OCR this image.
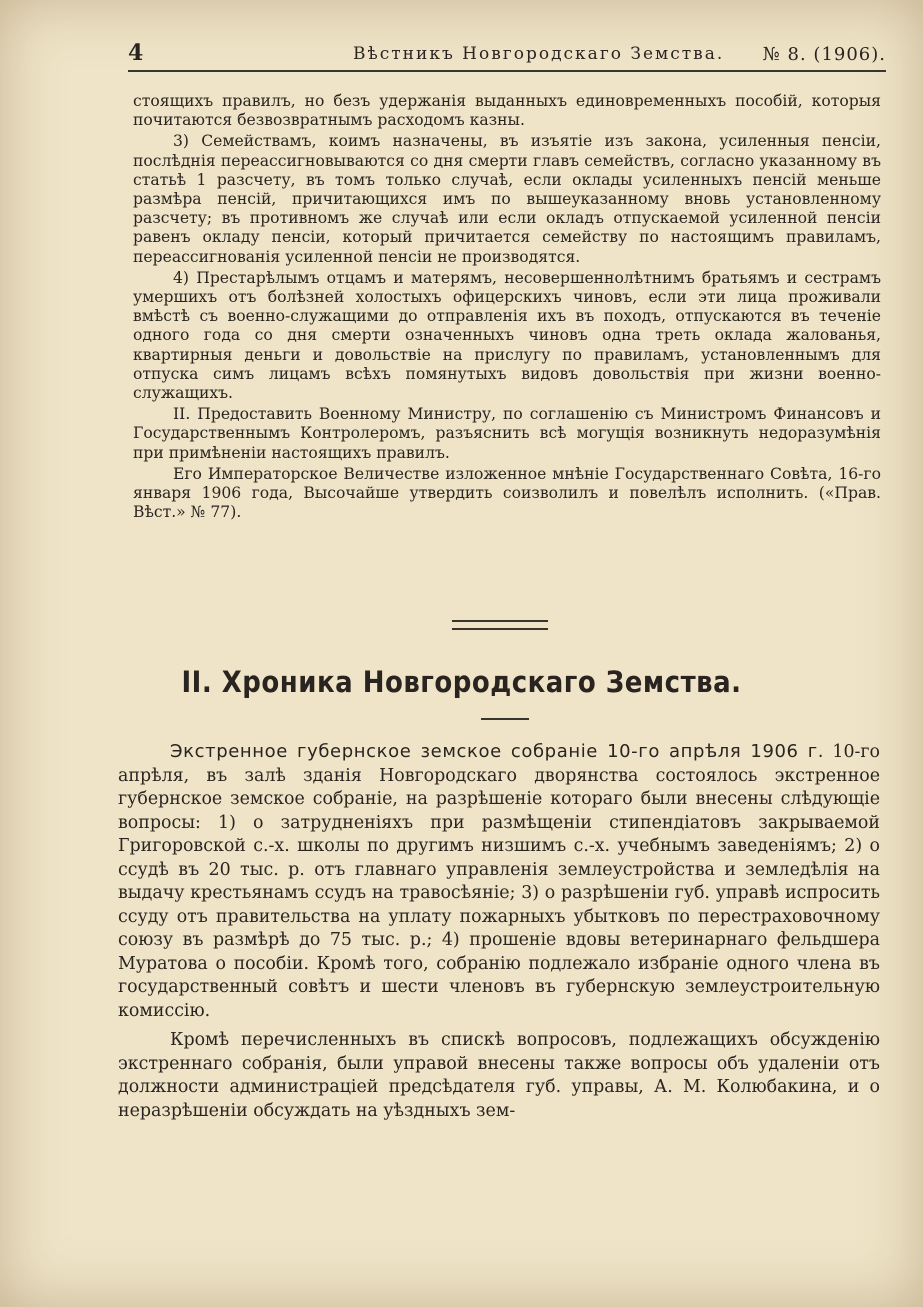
4	Вѣстникъ Новгородскаго Земства. № 8. (1906).

стоящихъ правилъ, но безъ удержанія выданныхъ единовременныхъ пособій, которыя почитаются безвозвратнымъ расходомъ казны.

3) Семействамъ, коимъ назначены, въ изъятіе изъ закона, усиленныя пенсіи, послѣднія переассигновываются со дня смерти главъ семействъ, согласно указанному въ статьѣ 1 разсчету, въ томъ только случаѣ, если оклады усиленныхъ пенсій меньше размѣра пенсій, причитающихся имъ по вышеуказанному вновь установленному разсчету; въ противномъ же случаѣ или если окладъ отпускаемой усиленной пенсіи равенъ окладу пенсіи, который причитается семейству по настоящимъ правиламъ, переассигнованія усиленной пенсіи не производятся.

4) Престарѣлымъ отцамъ и матерямъ, несовершеннолѣтнимъ братьямъ и сестрамъ умершихъ отъ болѣзней холостыхъ офицерскихъ чиновъ, если эти лица проживали вмѣстѣ съ военно-служащими до отправленія ихъ въ походъ, отпускаются въ теченіе одного года со дня смерти означенныхъ чиновъ одна треть оклада жалованья, квартирныя деньги и довольствіе на прислугу по правиламъ, установленнымъ для отпуска симъ лицамъ всѣхъ помянутыхъ видовъ довольствія при жизни военно-служащихъ.

II. Предоставить Военному Министру, по соглашенію съ Министромъ Финансовъ и Государственнымъ Контролеромъ, разъяснить всѣ могущія возникнуть недоразумѣнія при примѣненіи настоящихъ правилъ.

Его Императорское Величестве изложенное мнѣніе Государственнаго Совѣта, 16-го января 1906 года, Высочайше утвердить соизволилъ и повелѣлъ исполнить. («Прав. Вѣст.» № 77).

II. Хроника Новгородскаго Земства.

Экстренное губернское земское собраніе 10-го апрѣля 1906 г. 10-го апрѣля, въ залѣ зданія Новгородскаго дворянства состоялось экстренное губернское земское собраніе, на разрѣшеніе котораго были внесены слѣдующіе вопросы: 1) о затрудненіяхъ при размѣщеніи стипендіатовъ закрываемой Григоровской с.-х. школы по другимъ низшимъ с.-х. учебнымъ заведеніямъ; 2) о ссудѣ въ 20 тыс. р. отъ главнаго управленія землеустройства и земледѣлія на выдачу крестьянамъ ссудъ на травосѣяніе; 3) о разрѣшеніи губ. управѣ испросить ссуду отъ правительства на уплату пожарныхъ убытковъ по перестраховочному союзу въ размѣрѣ до 75 тыс. р.; 4) прошеніе вдовы ветеринарнаго фельдшера Муратова о пособіи. Кромѣ того, собранію подлежало избраніе одного члена въ государственный совѣтъ и шести членовъ въ губернскую землеустроительную комиссію.

Кромѣ перечисленныхъ въ спискѣ вопросовъ, подлежащихъ обсужденію экстреннаго собранія, были управой внесены также вопросы объ удаленіи отъ должности администраціей предсѣдателя губ. управы, А. М. Колюбакина, и о неразрѣшеніи обсуждать на уѣздныхъ зем-
